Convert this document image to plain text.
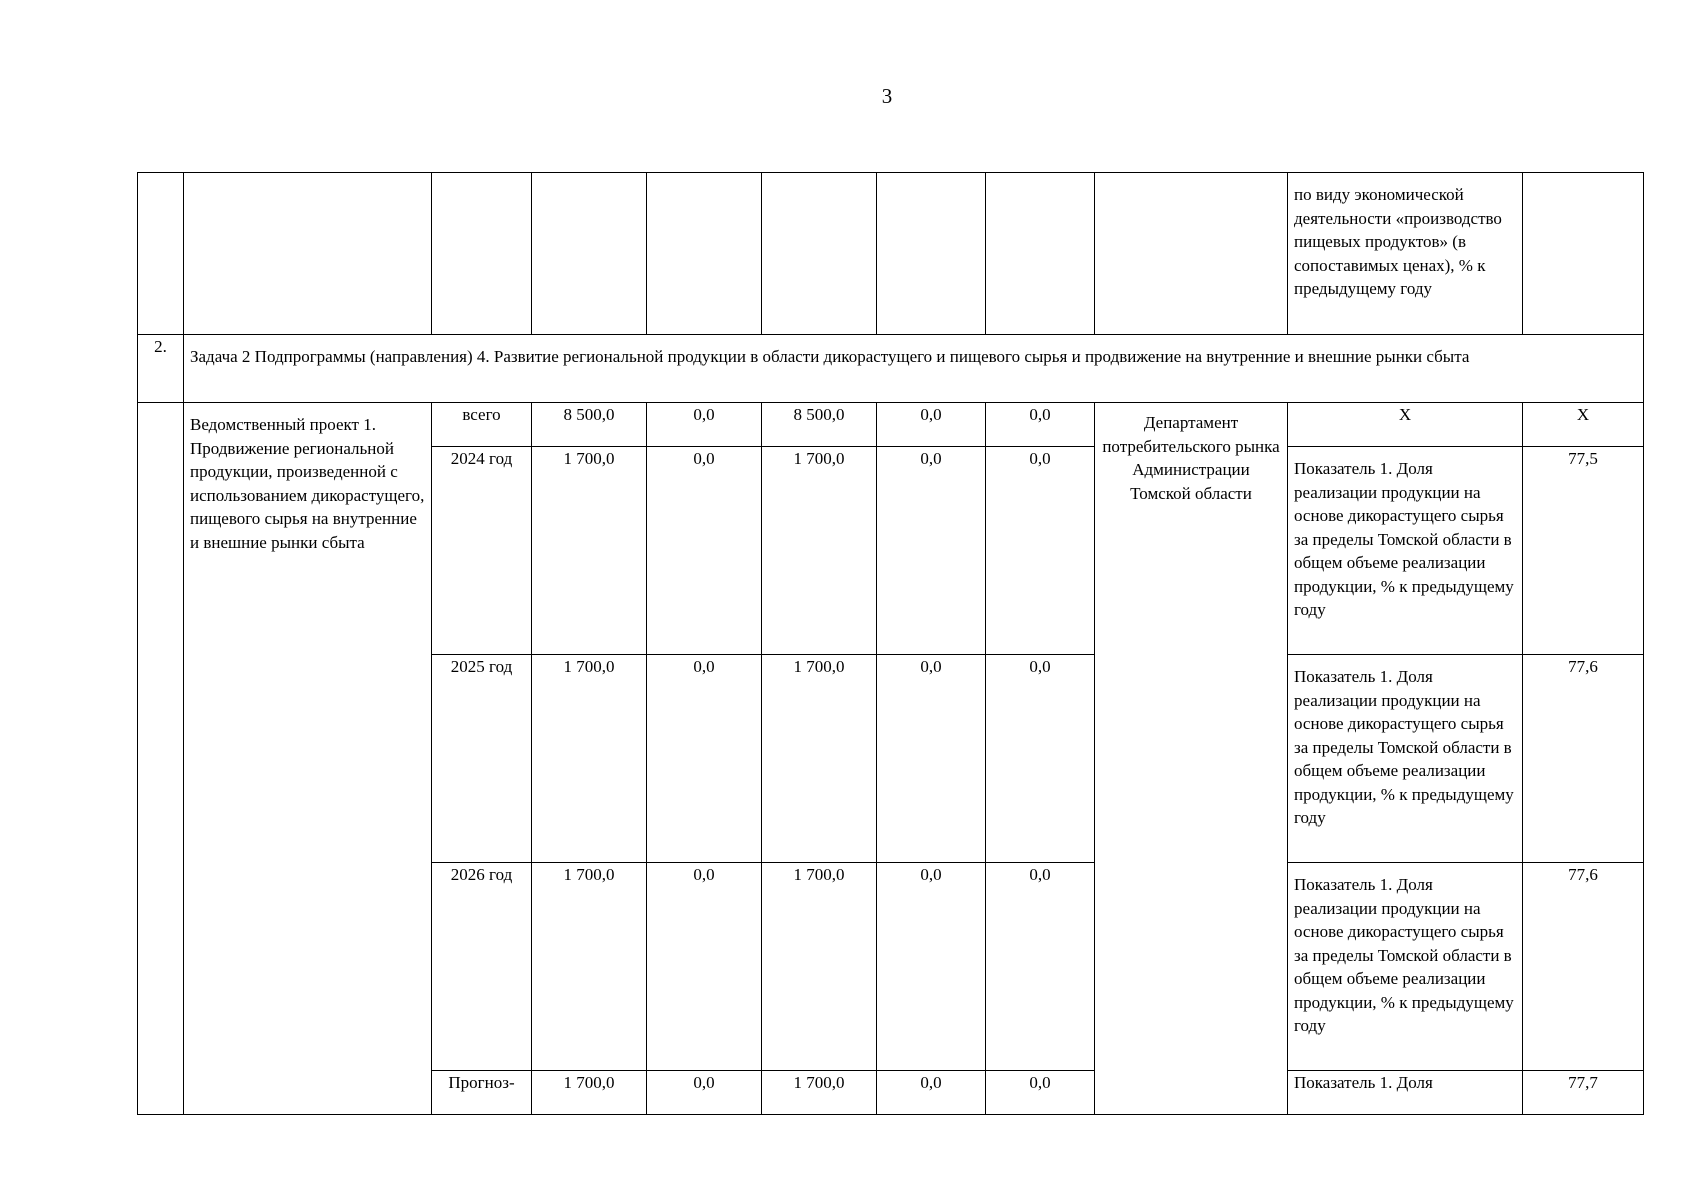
3
									по виду экономической деятельности «производство пищевых продуктов» (в сопоставимых ценах), % к предыдущему году	
2.	Задача 2 Подпрограммы (направления) 4. Развитие региональной продукции в области дикорастущего и пищевого сырья и продвижение на внутренние и внешние рынки сбыта									
	Ведомственный проект 1. Продвижение региональной продукции, произведенной с использованием дикорастущего, пищевого сырья на внутренние и внешние рынки сбыта	всего	8 500,0	0,0	8 500,0	0,0	0,0	Департамент потребительского рынка Администрации Томской области	X	X
		2024 год	1 700,0	0,0	1 700,0	0,0	0,0		Показатель 1. Доля реализации продукции на основе дикорастущего сырья за пределы Томской области в общем объеме реализации продукции, % к предыдущему году	77,5
		2025 год	1 700,0	0,0	1 700,0	0,0	0,0		Показатель 1. Доля реализации продукции на основе дикорастущего сырья за пределы Томской области в общем объеме реализации продукции, % к предыдущему году	77,6
		2026 год	1 700,0	0,0	1 700,0	0,0	0,0		Показатель 1. Доля реализации продукции на основе дикорастущего сырья за пределы Томской области в общем объеме реализации продукции, % к предыдущему году	77,6
		Прогноз-	1 700,0	0,0	1 700,0	0,0	0,0		Показатель 1. Доля	77,7
